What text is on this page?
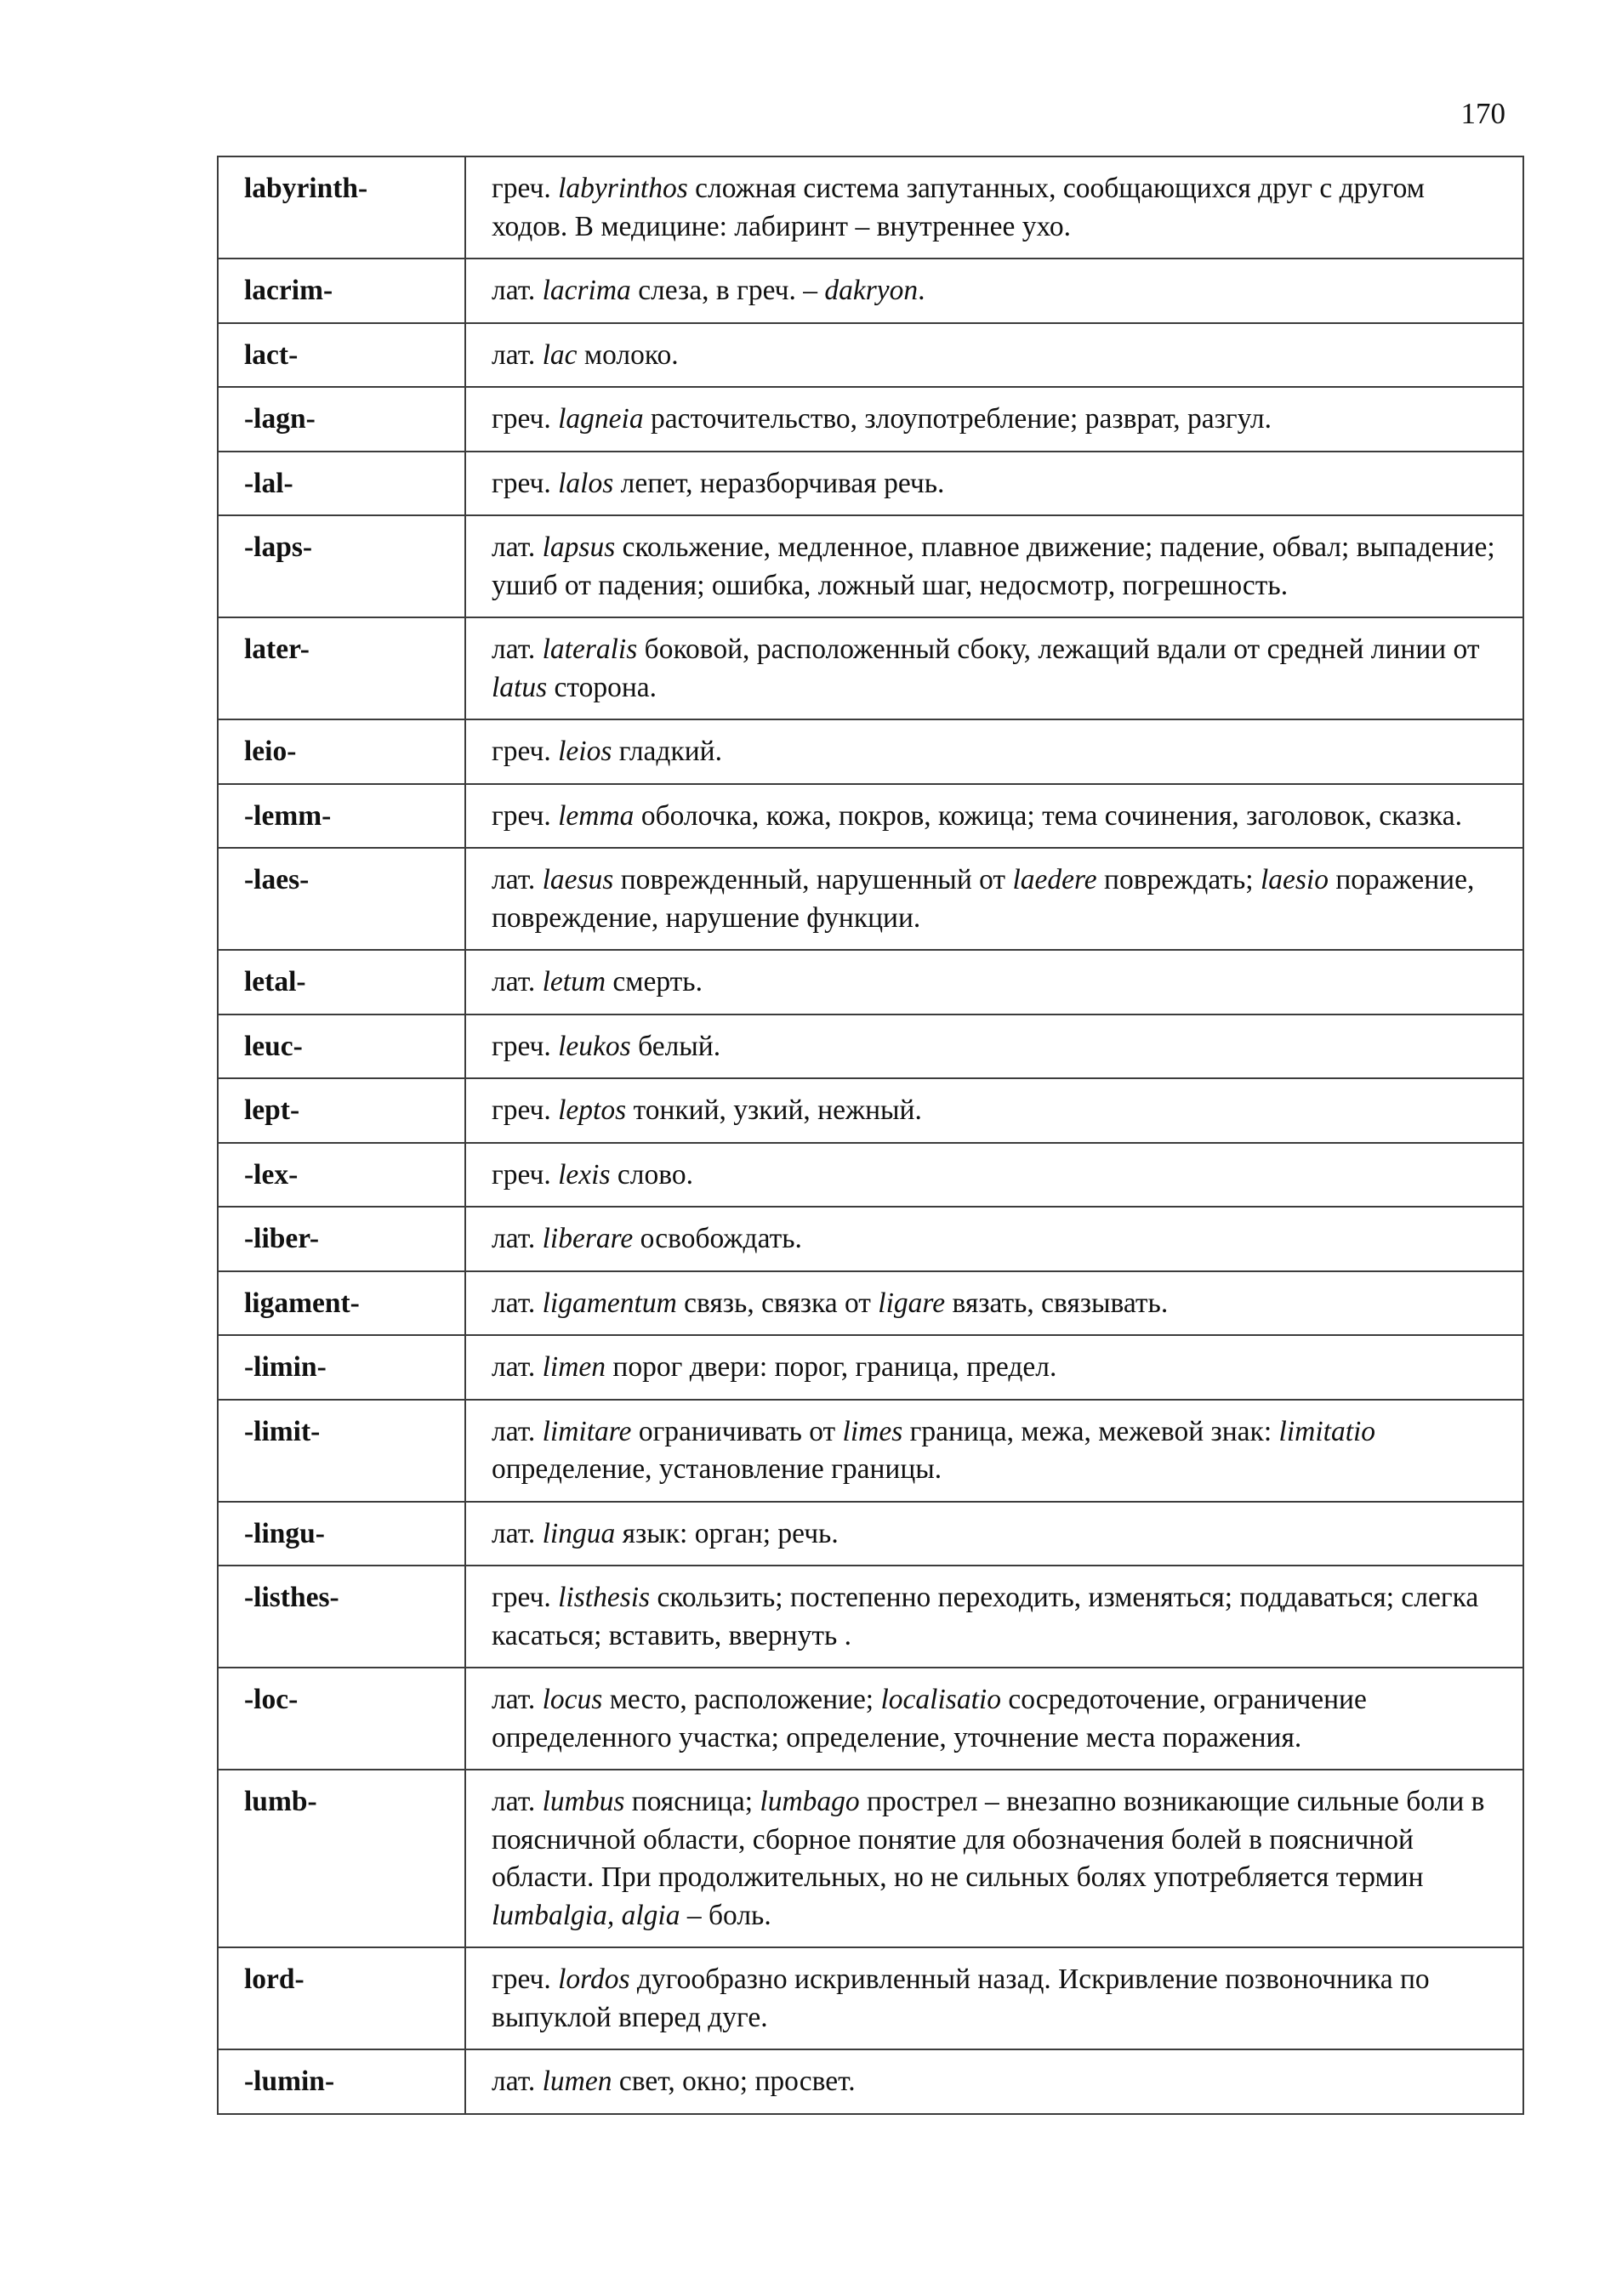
170
labyrinth-	греч. labyrinthos сложная система запутанных, сообщающихся друг с другом ходов. В медицине: лабиринт – внутреннее ухо.
lacrim-	лат. lacrima слеза, в греч. – dakryon.
lact-	лат. lac молоко.
-lagn-	греч. lagneia расточительство, злоупотребление; разврат, разгул.
-lal-	греч. lalos лепет, неразборчивая речь.
-laps-	лат. lapsus скольжение, медленное, плавное движение; падение, обвал; выпадение; ушиб от падения; ошибка, ложный шаг, недосмотр, погрешность.
later-	лат. lateralis боковой, расположенный сбоку, лежащий вдали от средней линии от latus сторона.
leio-	греч. leios гладкий.
-lemm-	греч. lemma оболочка, кожа, покров, кожица; тема сочинения, заголовок, сказка.
-laes-	лат. laesus поврежденный, нарушенный от laedere повреждать; laesio поражение, повреждение, нарушение функции.
letal-	лат. letum смерть.
leuc-	греч. leukos белый.
lept-	греч. leptos тонкий, узкий, нежный.
-lex-	греч. lexis слово.
-liber-	лат. liberare освобождать.
ligament-	лат. ligamentum связь, связка от ligare вязать, связывать.
-limin-	лат. limen порог двери: порог, граница, предел.
-limit-	лат. limitare ограничивать от limes граница, межа, межевой знак: limitatio определение, установление границы.
-lingu-	лат. lingua язык: орган; речь.
-listhes-	греч. listhesis скользить; постепенно переходить, изменяться; поддаваться; слегка касаться; вставить, ввернуть .
-loc-	лат. locus место, расположение; localisatio сосредоточение, ограничение определенного участка; определение, уточнение места поражения.
lumb-	лат. lumbus поясница; lumbago прострел – внезапно возникающие сильные боли в поясничной области, сборное понятие для обозначения болей в поясничной области. При продолжительных, но не сильных болях употребляется термин lumbalgia, algia – боль.
lord-	греч. lordos дугообразно искривленный назад. Искривление позвоночника по выпуклой вперед дуге.
-lumin-	лат. lumen свет, окно; просвет.
